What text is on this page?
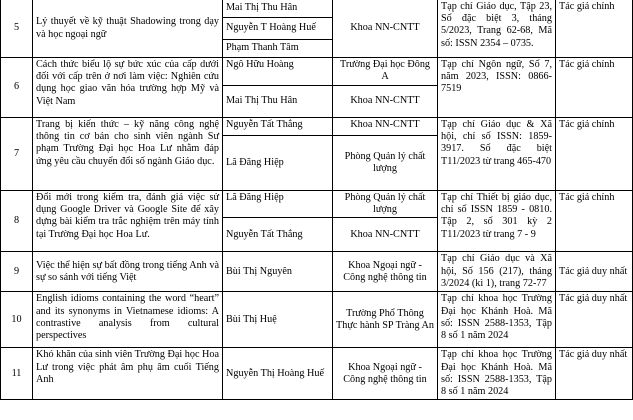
5	Lý thuyết về kỹ thuật Shadowing trong dạy và học ngoại ngữ	Mai Thị Thu Hân	Khoa NN-CNTT	Tạp chí Giáo dục, Tập 23, Số đặc biệt 3, tháng 5/2023, Trang 62-68, Mã số: ISSN 2354 – 0735.	Tác giả chính
		Nguyễn T Hoàng Huế			
		Phạm Thanh Tâm			
6	Cách thức biểu lộ sự bức xúc của cấp dưới đối với cấp trên ở nơi làm việc: Nghiên cứu dụng học giao văn hóa trường hợp Mỹ và Việt Nam	Ngô Hữu Hoàng	Trường Đại học Đông A	Tạp chí Ngôn ngữ, Số 7, năm 2023, ISSN: 0866-7519	Tác giả chính
		Mai Thị Thu Hân	Khoa NN-CNTT		
7	Trang bị kiến thức – kỹ năng công nghệ thông tin cơ bản cho sinh viên ngành Sư phạm Trường Đại học Hoa Lư nhằm đáp ứng yêu cầu chuyển đổi số ngành Giáo dục.	Nguyễn Tất Thắng	Khoa NN-CNTT	Tạp chí Giáo dục & Xã hội, chỉ số ISSN: 1859-3917. Số đặc biệt T11/2023 từ trang 465-470	Tác giả chính
		Lã Đăng Hiệp	Phòng Quản lý chất lượng		
8	Đổi mới trong kiểm tra, đánh giá việc sử dụng Google Driver và Google Site để xây dựng bài kiểm tra trắc nghiệm trên máy tính tại Trường Đại học Hoa Lư.	Lã Đăng Hiệp	Phòng Quản lý chất lượng	Tạp chí Thiết bị giáo dục, chỉ số ISSN 1859 - 0810. Tập 2, số 301 kỳ 2 T11/2023 từ trang 7 - 9	Tác giả chính
		Nguyễn Tất Thắng	Khoa NN-CNTT		
9	Việc thể hiện sự bất đồng trong tiếng Anh và sự so sánh với tiếng Việt	Bùi Thị Nguyên	Khoa Ngoại ngữ - Công nghệ thông tin	Tạp chí Giáo dục và Xã hội, Số 156 (217), tháng 3/2024 (kì 1), trang 72-77	Tác giả duy nhất
10	English idioms containing the word “heart” and its synonyms in Vietnamese idioms: A contrastive analysis from cultural perspectives	Bùi Thị Huệ	Trường Phổ Thông Thực hành SP Tràng An	Tạp chí khoa học Trường Đại học Khánh Hoà. Mã số: ISSN 2588-1353, Tập 8 số 1 năm 2024	Tác giả duy nhất
11	Khó khăn của sinh viên Trường Đại học Hoa Lư trong việc phát âm phụ âm cuối Tiếng Anh	Nguyễn Thị Hoàng Huế	Khoa Ngoại ngữ - Công nghệ thông tin	Tạp chí khoa học Trường Đại học Khánh Hoà. Mã số: ISSN 2588-1353, Tập 8 số 1 năm 2024	Tác giả duy nhất
